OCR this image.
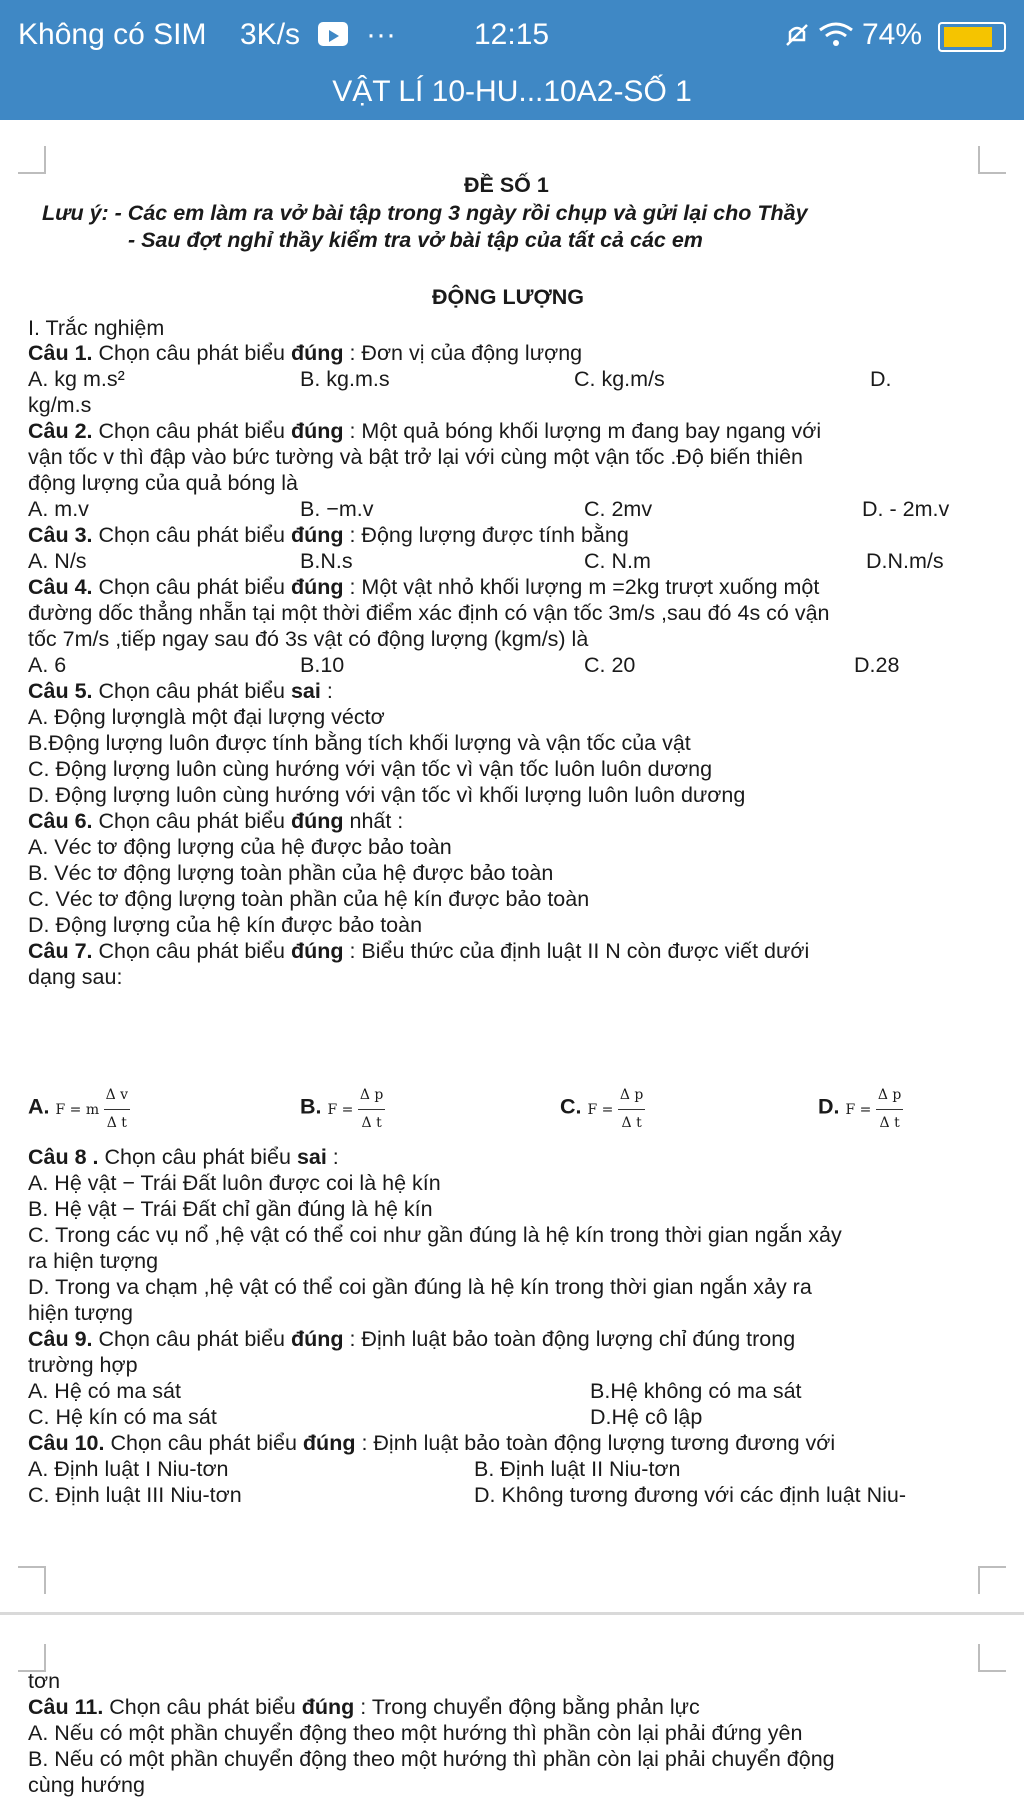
Không có SIM 3K/s ···	12:15	74%
VẬT LÍ 10-HU...10A2-SỐ 1
ĐỀ SỐ 1
Lưu ý: - Các em làm ra vở bài tập trong 3 ngày rồi chụp và gửi lại cho Thầy
- Sau đợt nghỉ thầy kiểm tra vở bài tập của tất cả các em
ĐỘNG LƯỢNG
I. Trắc nghiệm
Câu 1. Chọn câu phát biểu đúng : Đơn vị của động lượng
A. kg m.s²	B. kg.m.s	C. kg.m/s	D.
kg/m.s
Câu 2. Chọn câu phát biểu đúng : Một quả bóng khối lượng m đang bay ngang với
vận tốc v thì đập vào bức tường và bật trở lại với cùng một vận tốc .Độ biến thiên
động lượng của quả bóng là
A. m.v	B. −m.v	C. 2mv	D. - 2m.v
Câu 3. Chọn câu phát biểu đúng : Động lượng được tính bằng
A. N/s	B.N.s	C. N.m	D.N.m/s
Câu 4. Chọn câu phát biểu đúng : Một vật nhỏ khối lượng m =2kg trượt xuống một
đường dốc thẳng nhẵn tại một thời điểm xác định có vận tốc 3m/s ,sau đó 4s có vận
tốc 7m/s ,tiếp ngay sau đó 3s vật có động lượng (kgm/s) là
A. 6	B.10	C. 20	D.28
Câu 5. Chọn câu phát biểu sai :
A. Động lượnglà một đại lượng véctơ
B.Động lượng luôn được tính bằng tích khối lượng và vận tốc của vật
C. Động lượng luôn cùng hướng với vận tốc vì vận tốc luôn luôn dương
D. Động lượng luôn cùng hướng với vận tốc vì khối lượng luôn luôn dương
Câu 6. Chọn câu phát biểu đúng nhất :
A. Véc tơ động lượng của hệ được bảo toàn
B. Véc tơ động lượng toàn phần của hệ được bảo toàn
C. Véc tơ động lượng toàn phần của hệ kín được bảo toàn
D. Động lượng của hệ kín được bảo toàn
Câu 7. Chọn câu phát biểu đúng : Biểu thức của định luật II N còn được viết dưới
dạng sau:
A. F = m $\frac{\text{Δ v}}{\text{Δ t}}$	B. $F = \frac{\text{Δ p}}{\text{Δ t}}$	C. $F = \frac{\text{Δ p}}{\text{Δ t}}$	D. $F = \frac{\text{Δ p}}{\text{Δ t}}$
Câu 8 . Chọn câu phát biểu sai :
A. Hệ vật − Trái Đất luôn được coi là hệ kín
B. Hệ vật − Trái Đất chỉ gần đúng là hệ kín
C. Trong các vụ nổ ,hệ vật có thể coi như gần đúng là hệ kín trong thời gian ngắn xảy
ra hiện tượng
D. Trong va chạm ,hệ vật có thể coi gần đúng là hệ kín trong thời gian ngắn xảy ra
hiện tượng
Câu 9. Chọn câu phát biểu đúng : Định luật bảo toàn động lượng chỉ đúng trong
trường hợp
A. Hệ có ma sát	B.Hệ không có ma sát
C. Hệ kín có ma sát	D.Hệ cô lập
Câu 10. Chọn câu phát biểu đúng : Định luật bảo toàn động lượng tương đương với
A. Định luật I Niu-tơn	B. Định luật II Niu-tơn
C. Định luật III Niu-tơn	D. Không tương đương với các định luật Niu-
tơn
Câu 11. Chọn câu phát biểu đúng : Trong chuyển động bằng phản lực
A. Nếu có một phần chuyển động theo một hướng thì phần còn lại phải đứng yên
B. Nếu có một phần chuyển động theo một hướng thì phần còn lại phải chuyển động
cùng hướng
